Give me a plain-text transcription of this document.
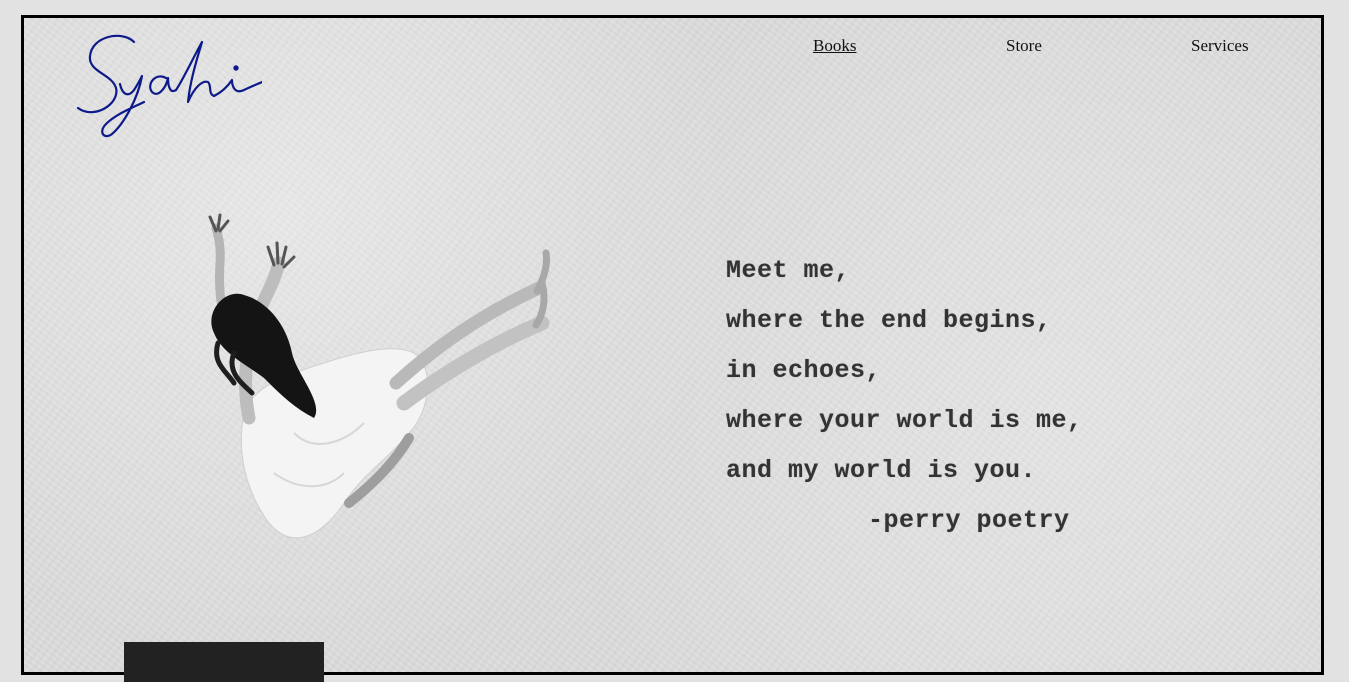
Books	Store	Services
Meet me,
where the end begins,
in echoes,
where your world is me,
and my world is you.
-perry poetry
